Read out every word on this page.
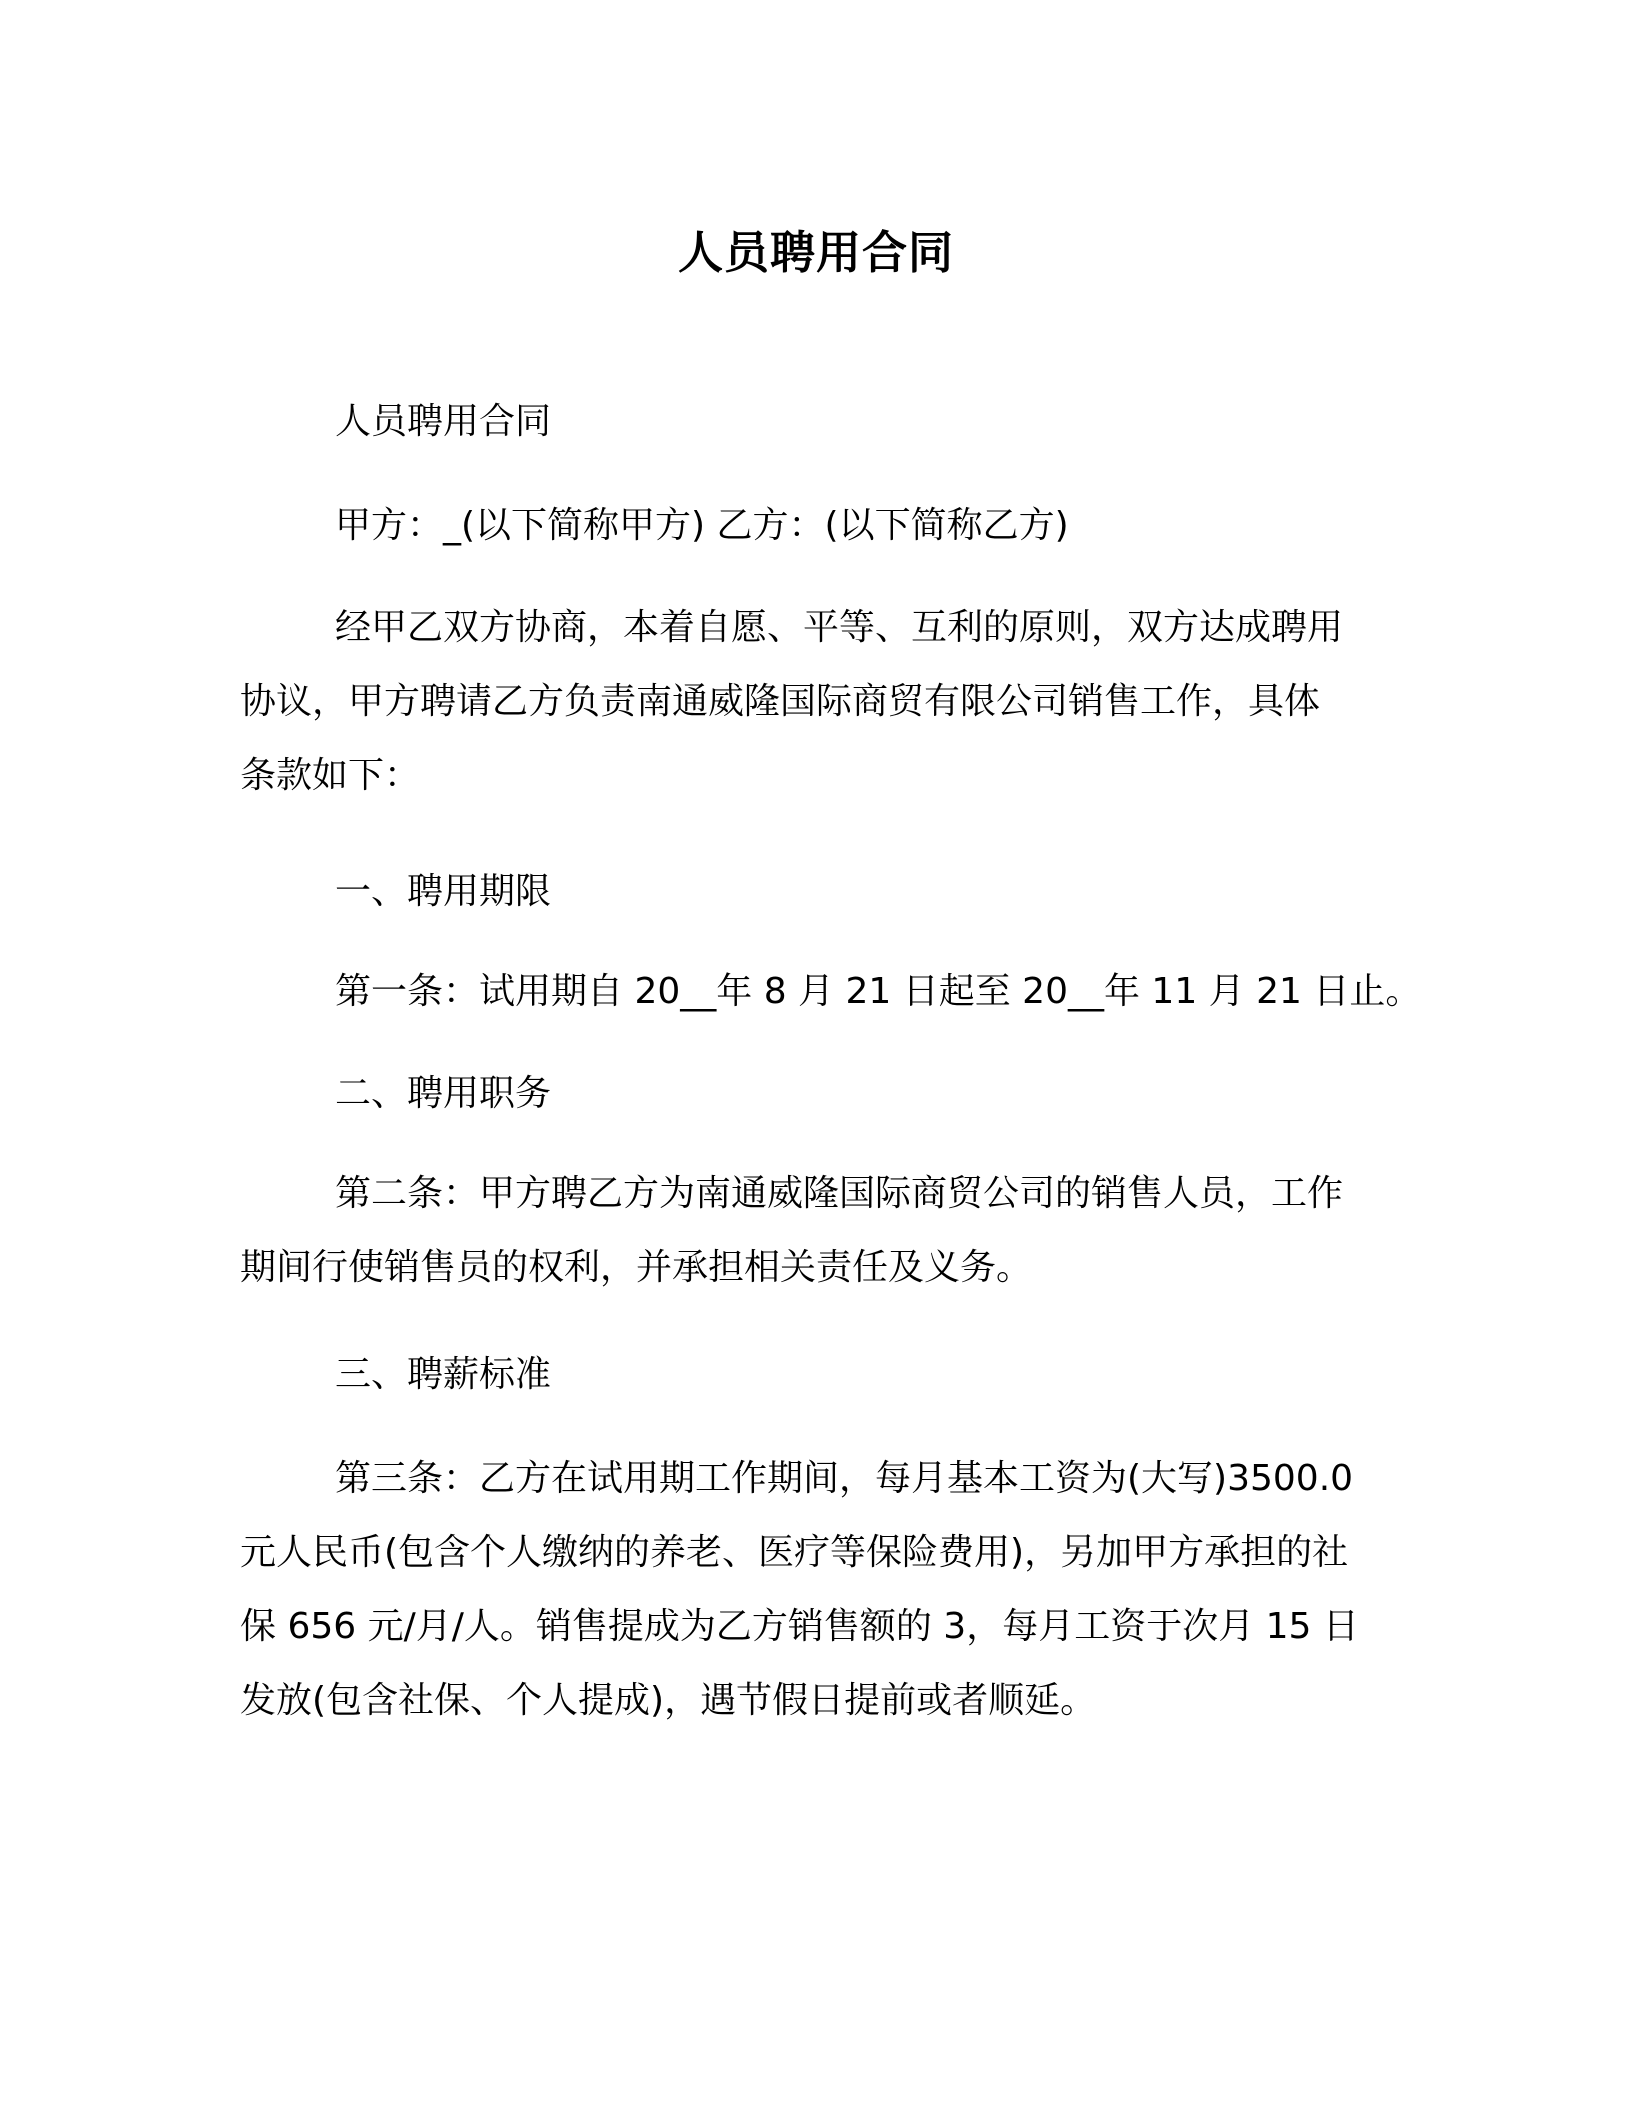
人员聘用合同
人员聘用合同
甲方：_(以下简称甲方) 乙方：(以下简称乙方)
经甲乙双方协商，本着自愿、平等、互利的原则，双方达成聘用
协议，甲方聘请乙方负责南通威隆国际商贸有限公司销售工作，具体
条款如下：
一、聘用期限
第一条：试用期自 20__年 8 月 21 日起至 20__年 11 月 21 日止。
二、聘用职务
第二条：甲方聘乙方为南通威隆国际商贸公司的销售人员，工作
期间行使销售员的权利，并承担相关责任及义务。
三、聘薪标准
第三条：乙方在试用期工作期间，每月基本工资为(大写)3500.0
元人民币(包含个人缴纳的养老、医疗等保险费用)，另加甲方承担的社
保 656 元/月/人。销售提成为乙方销售额的 3，每月工资于次月 15 日
发放(包含社保、个人提成)，遇节假日提前或者顺延。
